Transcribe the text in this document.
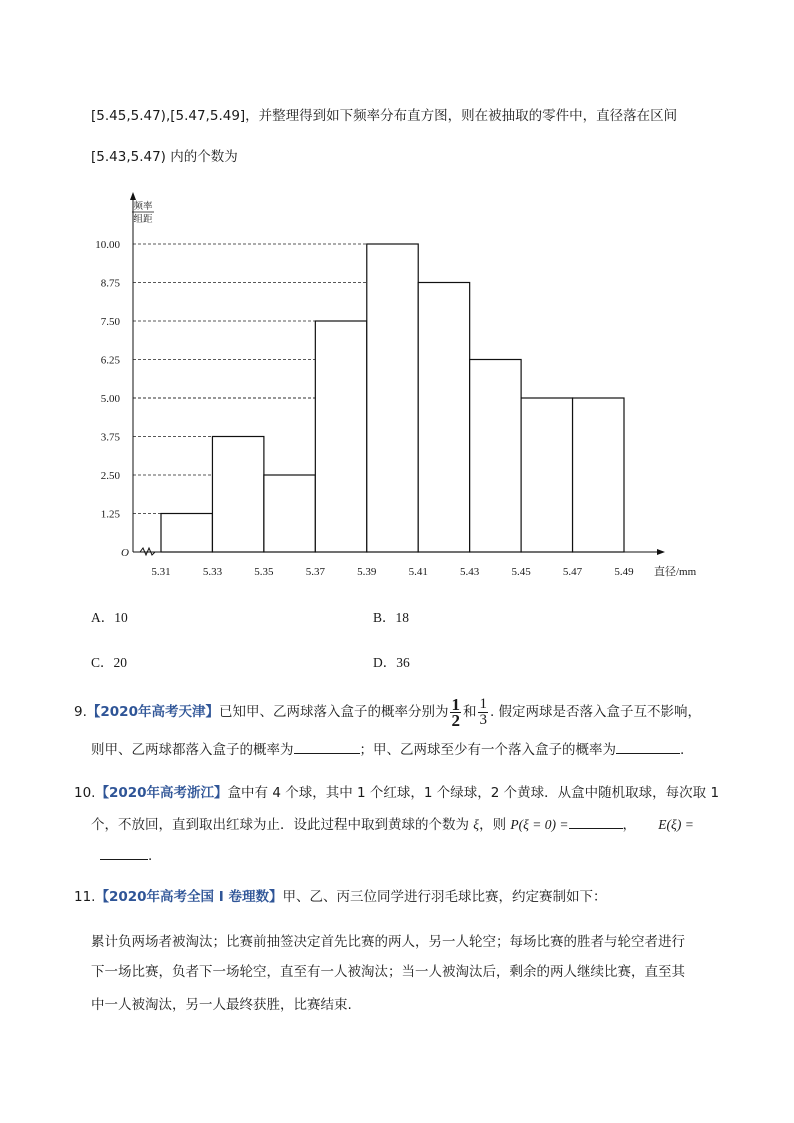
[5.45,5.47),[5.47,5.49]，并整理得到如下频率分布直方图，则在被抽取的零件中，直径落在区间
[5.43,5.47) 内的个数为
1.25
2.50
3.75
5.00
6.25
7.50
8.75
10.00
5.31	5.33	5.35	5.37	5.39	5.41	5.43	5.45	5.47	5.49
O
频率
组距
直径/mm
A．10	B．18
C．20	D．36
9. 【2020年高考天津】 已知甲、乙两球落入盒子的概率分别为 $\frac{1}{2}$ 和 $\frac{1}{3}$ . 假定两球是否落入盒子互不影响，
则甲、乙两球都落入盒子的概率为	；甲、乙两球至少有一个落入盒子的概率为	.
10.【2020年高考浙江】盒中有 4 个球，其中 1 个红球，1 个绿球，2 个黄球．从盒中随机取球，每次取 1
个，不放回，直到取出红球为止．设此过程中取到黄球的个数为 ξ，则 P(ξ = 0) =	， E(ξ) =
.
11.【2020年高考全国 I 卷理数】甲、乙、丙三位同学进行羽毛球比赛，约定赛制如下：
累计负两场者被淘汰；比赛前抽签决定首先比赛的两人，另一人轮空；每场比赛的胜者与轮空者进行
下一场比赛，负者下一场轮空，直至有一人被淘汰；当一人被淘汰后，剩余的两人继续比赛，直至其
中一人被淘汰，另一人最终获胜，比赛结束.
